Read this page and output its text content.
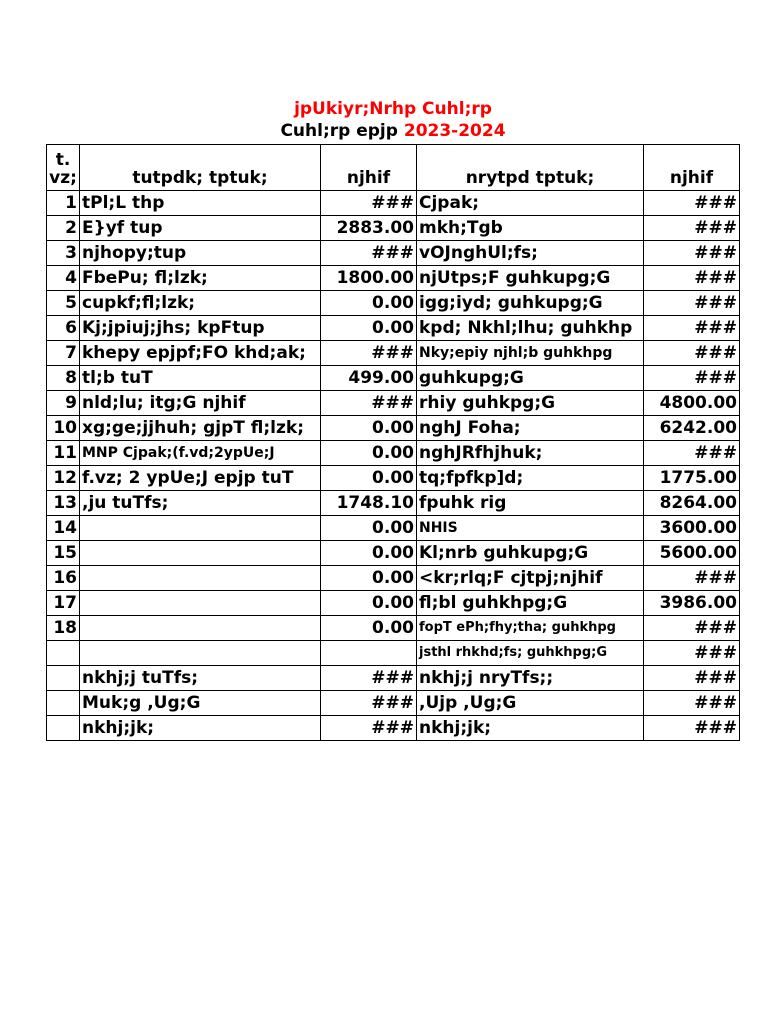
jpUkiyr;Nrhp Cuhl;rp
Cuhl;rp epjp 2023-2024
t.
vz;	tutpdk; tptuk;	njhif	nrytpd tptuk;	njhif
1	tPl;L thp	###	Cjpak;	###
2	E}yf tup	2883.00	mkh;Tgb	###
3	njhopy;tup	###	vOJnghUl;fs;	###
4	FbePu; fl;lzk;	1800.00	njUtps;F guhkupg;G	###
5	cupkf;fl;lzk;	0.00	igg;iyd; guhkupg;G	###
6	Kj;jpiuj;jhs; kpFtup	0.00	kpd; Nkhl;lhu; guhkhp	###
7	khepy epjpf;FO khd;ak;	###	Nky;epiy njhl;b guhkhpg	###
8	tl;b tuT	499.00	guhkupg;G	###
9	nld;lu; itg;G njhif	###	rhiy guhkpg;G	4800.00
10	xg;ge;jjhuh; gjpT fl;lzk;	0.00	nghJ Foha;	6242.00
11	MNP Cjpak;(f.vd;2ypUe;J	0.00	nghJRfhjhuk;	###
12	f.vz; 2 ypUe;J epjp tuT	0.00	tq;fpfkp]d;	1775.00
13	,ju tuTfs;	1748.10	fpuhk rig	8264.00
14		0.00	NHIS	3600.00
15		0.00	Kl;nrb guhkupg;G	5600.00
16		0.00	<kr;rlq;F cjtpj;njhif	###
17		0.00	fl;bl guhkhpg;G	3986.00
18		0.00	fopT ePh;fhy;tha; guhkhpg	###
			jsthl rhkhd;fs; guhkhpg;G	###
	nkhj;j tuTfs;	###	nkhj;j nryTfs;;	###
	Muk;g ,Ug;G	###	,Ujp ,Ug;G	###
	nkhj;jk;	###	nkhj;jk;	###
